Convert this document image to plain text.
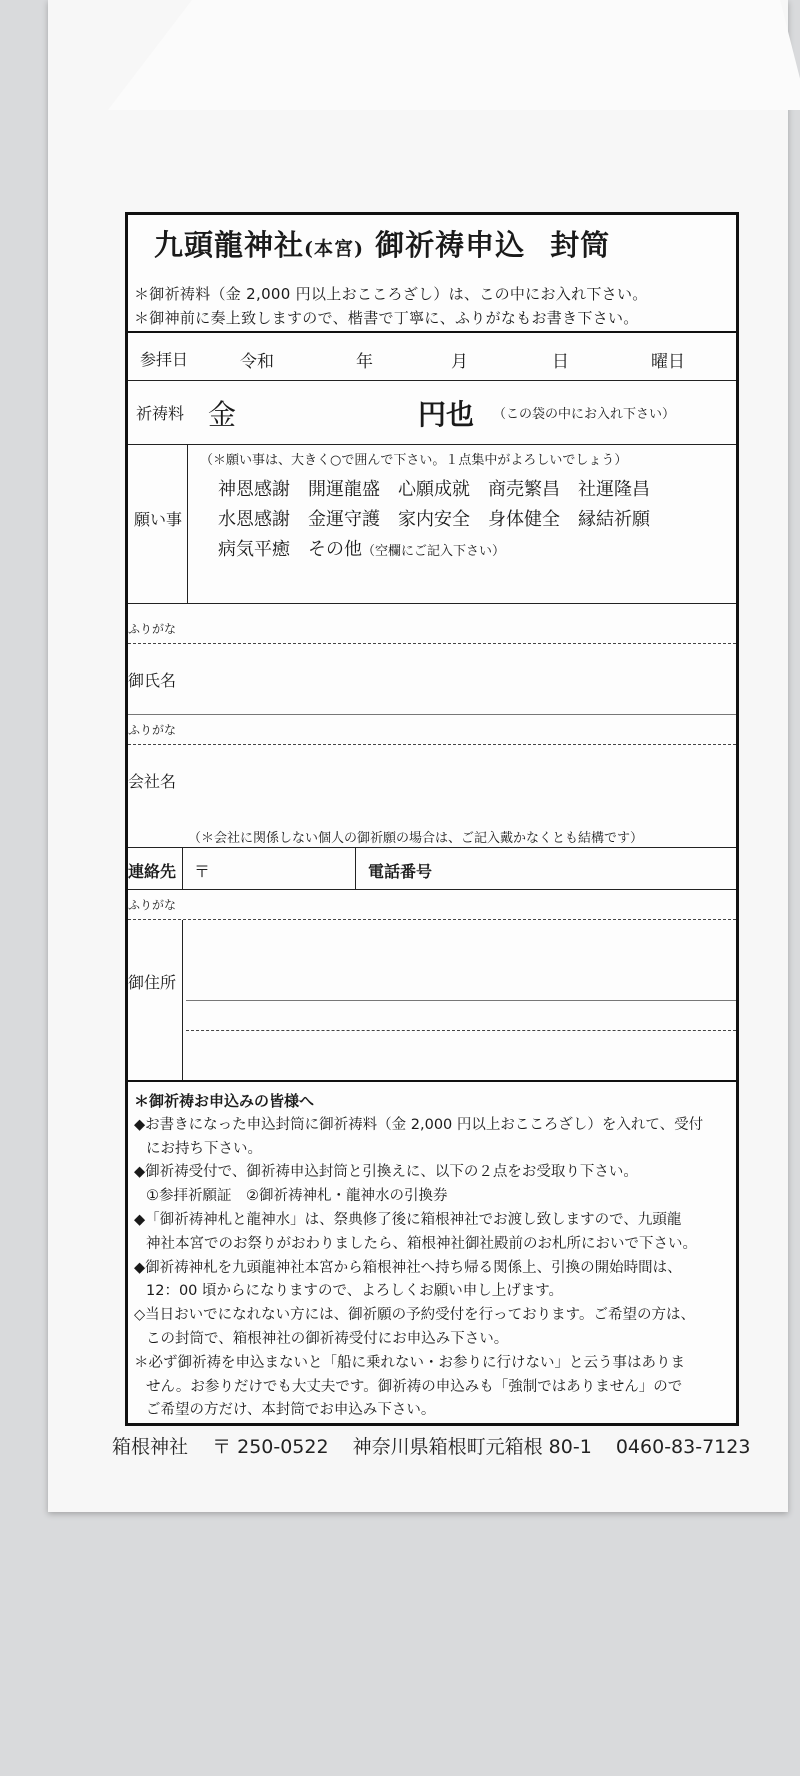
九頭龍神社(本宮) 御祈祷申込 封筒
＊御祈祷料（金 2,000 円以上おこころざし）は、この中にお入れ下さい。
＊御神前に奏上致しますので、楷書で丁寧に、ふりがなもお書き下さい。
参拝日	令和	年	月	日	曜日
祈祷料 金	円也 （この袋の中にお入れ下さい）
願い事
（＊願い事は、大きく○で囲んで下さい。１点集中がよろしいでしょう）
神恩感謝 開運龍盛 心願成就 商売繁昌 社運隆昌
水恩感謝 金運守護 家内安全 身体健全 縁結祈願
病気平癒 その他（空欄にご記入下さい）
ふりがな
御氏名
ふりがな
会社名
（＊会社に関係しない個人の御祈願の場合は、ご記入戴かなくとも結構です）
連絡先 〒	電話番号
ふりがな
御住所
＊御祈祷お申込みの皆様へ
◆お書きになった申込封筒に御祈祷料（金 2,000 円以上おこころざし）を入れて、受付
にお持ち下さい。
◆御祈祷受付で、御祈祷申込封筒と引換えに、以下の２点をお受取り下さい。
①参拝祈願証　②御祈祷神札・龍神水の引換券
◆「御祈祷神札と龍神水」は、祭典修了後に箱根神社でお渡し致しますので、九頭龍
神社本宮でのお祭りがおわりましたら、箱根神社御社殿前のお札所においで下さい。
◆御祈祷神札を九頭龍神社本宮から箱根神社へ持ち帰る関係上、引換の開始時間は、
12：00 頃からになりますので、よろしくお願い申し上げます。
◇当日おいでになれない方には、御祈願の予約受付を行っております。ご希望の方は、
この封筒で、箱根神社の御祈祷受付にお申込み下さい。
＊必ず御祈祷を申込まないと「船に乗れない・お参りに行けない」と云う事はありま
せん。お参りだけでも大丈夫です。御祈祷の申込みも「強制ではありません」ので
ご希望の方だけ、本封筒でお申込み下さい。
箱根神社 〒 250-0522 神奈川県箱根町元箱根 80-1 0460-83-7123
